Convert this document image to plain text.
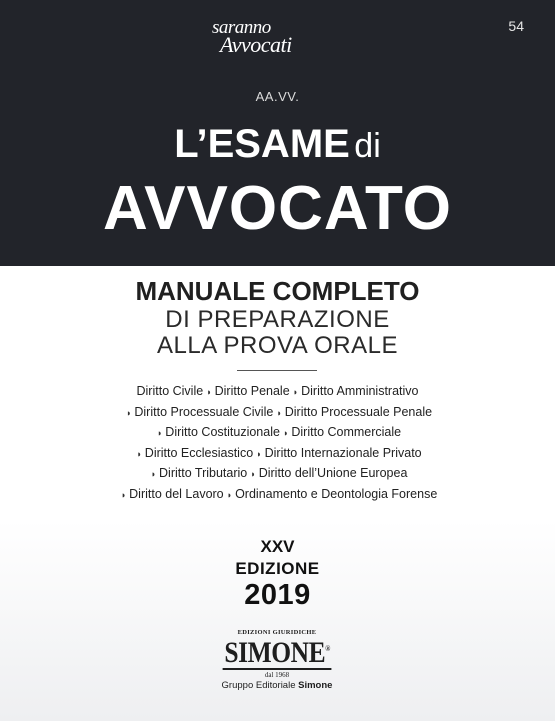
54
saranno
Avvocati
AA.VV.
L’ESAME di
AVVOCATO
MANUALE COMPLETO
DI PREPARAZIONE
ALLA PROVA ORALE
Diritto Civile ◗ Diritto Penale ◗ Diritto Amministrativo
◗ Diritto Processuale Civile ◗ Diritto Processuale Penale
◗ Diritto Costituzionale ◗ Diritto Commerciale
◗ Diritto Ecclesiastico ◗ Diritto Internazionale Privato
◗ Diritto Tributario ◗ Diritto dell’Unione Europea
◗ Diritto del Lavoro ◗ Ordinamento e Deontologia Forense
XXV
EDIZIONE
2019
EDIZIONI GIURIDICHE
SIMONE®
dal 1968
Gruppo Editoriale Simone
